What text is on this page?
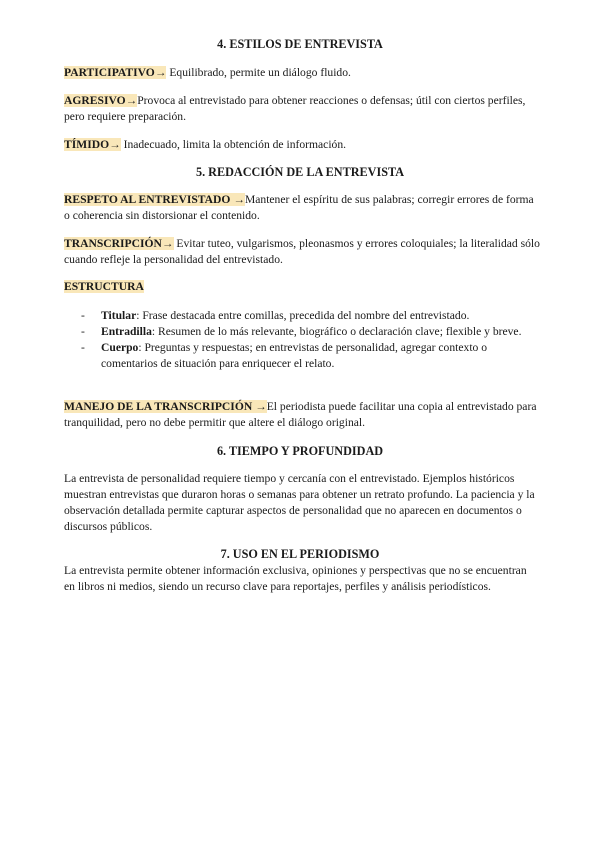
4. ESTILOS DE ENTREVISTA

PARTICIPATIVO→ Equilibrado, permite un diálogo fluido.

AGRESIVO→Provoca al entrevistado para obtener reacciones o defensas; útil con ciertos perfiles, pero requiere preparación.

TÍMIDO→ Inadecuado, limita la obtención de información.

5. REDACCIÓN DE LA ENTREVISTA

RESPETO AL ENTREVISTADO →Mantener el espíritu de sus palabras; corregir errores de forma o coherencia sin distorsionar el contenido.

TRANSCRIPCIÓN→ Evitar tuteo, vulgarismos, pleonasmos y errores coloquiales; la literalidad sólo cuando refleje la personalidad del entrevistado.

ESTRUCTURA

- Titular: Frase destacada entre comillas, precedida del nombre del entrevistado.
- Entradilla: Resumen de lo más relevante, biográfico o declaración clave; flexible y breve.
- Cuerpo: Preguntas y respuestas; en entrevistas de personalidad, agregar contexto o comentarios de situación para enriquecer el relato.

MANEJO DE LA TRANSCRIPCIÓN →El periodista puede facilitar una copia al entrevistado para tranquilidad, pero no debe permitir que altere el diálogo original.

6. TIEMPO Y PROFUNDIDAD

La entrevista de personalidad requiere tiempo y cercanía con el entrevistado. Ejemplos históricos muestran entrevistas que duraron horas o semanas para obtener un retrato profundo. La paciencia y la observación detallada permite capturar aspectos de personalidad que no aparecen en documentos o discursos públicos.

7. USO EN EL PERIODISMO

La entrevista permite obtener información exclusiva, opiniones y perspectivas que no se encuentran en libros ni medios, siendo un recurso clave para reportajes, perfiles y análisis periodísticos.
